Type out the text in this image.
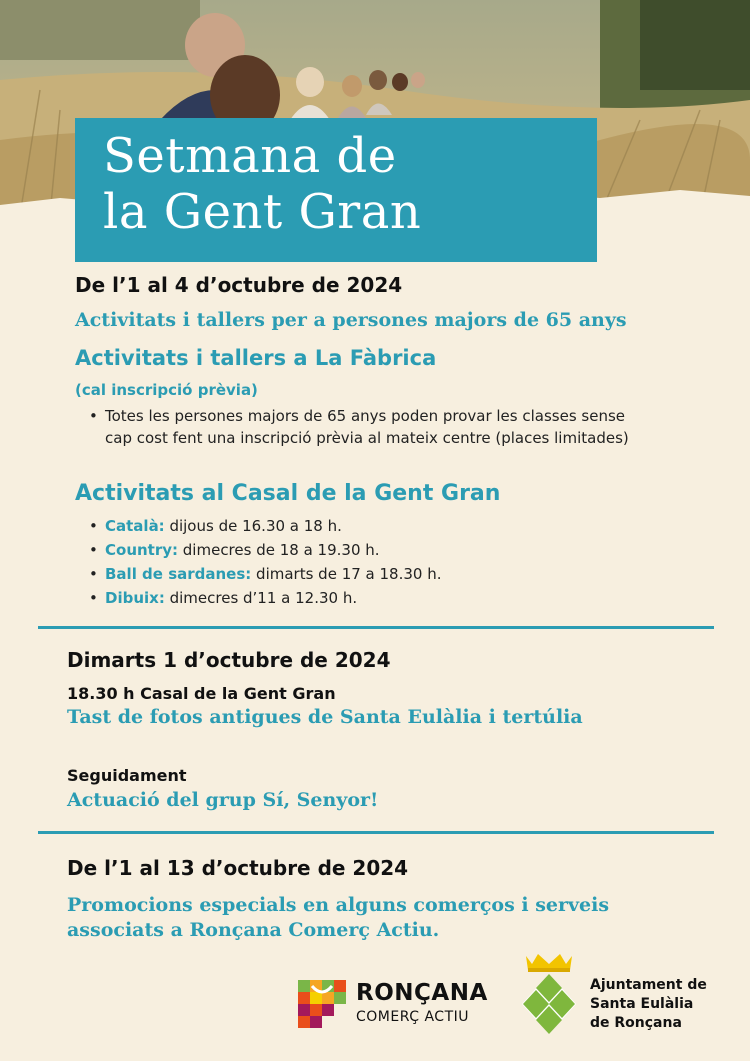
Setmana de
la Gent Gran
De l’1 al 4 d’octubre de 2024
Activitats i tallers per a persones majors de 65 anys
Activitats i tallers a La Fàbrica
(cal inscripció prèvia)
• Totes les persones majors de 65 anys poden provar les classes sense
cap cost fent una inscripció prèvia al mateix centre (places limitades)
Activitats al Casal de la Gent Gran
• Català: dijous de 16.30 a 18 h.
• Country: dimecres de 18 a 19.30 h.
• Ball de sardanes: dimarts de 17 a 18.30 h.
• Dibuix: dimecres d’11 a 12.30 h.
Dimarts 1 d’octubre de 2024
18.30 h Casal de la Gent Gran
Tast de fotos antigues de Santa Eulàlia i tertúlia
Seguidament
Actuació del grup Sí, Senyor!
De l’1 al 13 d’octubre de 2024
Promocions especials en alguns comerços i serveis
associats a Ronçana Comerç Actiu.
RONÇANA
COMERÇ ACTIU
Ajuntament de
Santa Eulàlia
de Ronçana
